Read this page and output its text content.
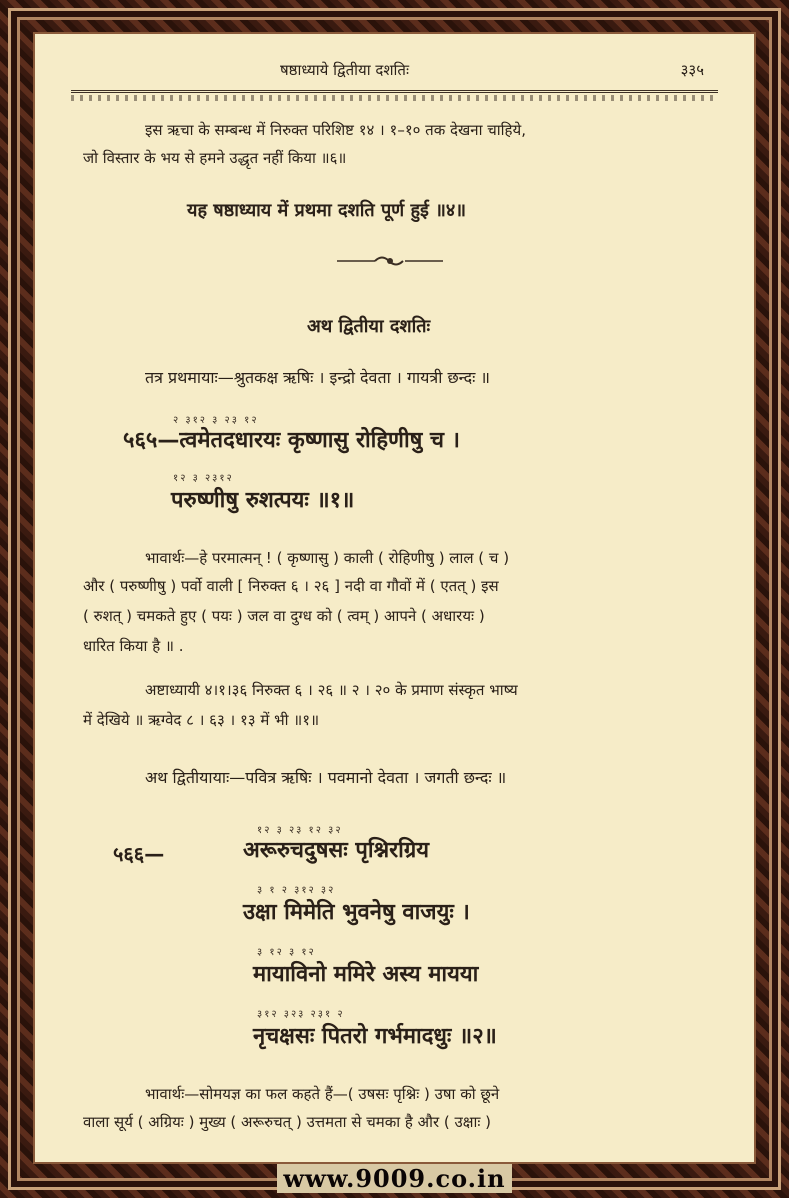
षष्ठाध्याये द्वितीया दशतिः	३३५
इस ऋचा के सम्बन्ध में निरुक्त परिशिष्ट १४ । १–१० तक देखना चाहिये,
जो विस्तार के भय से हमने उद्धृत नहीं किया ॥६॥
यह षष्ठाध्याय में प्रथमा दशति पूर्ण हुई ॥४॥
अथ द्वितीया दशतिः
तत्र प्रथमायाः—श्रुतकक्ष ऋषिः । इन्द्रो देवता । गायत्री छन्दः ॥
२ ३१२ ३ २३ १२
५६५—त्वमेतदधारयः कृष्णासु रोहिणीषु च ।
१२ ३ २३१२
परुष्णीषु रुशत्पयः ॥१॥
भावार्थः—हे परमात्मन् ! ( कृष्णासु ) काली ( रोहिणीषु ) लाल ( च )
और ( परुष्णीषु ) पर्वो वाली [ निरुक्त ६ । २६ ] नदी वा गौवों में ( एतत् ) इस
( रुशत् ) चमकते हुए ( पयः ) जल वा दुग्ध को ( त्वम् ) आपने ( अधारयः )
धारित किया है ॥ .
अष्टाध्यायी ४।१।३६ निरुक्त ६ । २६ ॥ २ । २० के प्रमाण संस्कृत भाष्य
में देखिये ॥ ऋग्वेद ८ । ६३ । १३ में भी ॥१॥
अथ द्वितीयायाः—पवित्र ऋषिः । पवमानो देवता । जगती छन्दः ॥
५६६—
१२ ३ २३ १२ ३२
अरूरुचदुषसः पृश्निरग्रिय
३ १ २ ३१२ ३२
उक्षा मिमेति भुवनेषु वाजयुः ।
३ १२ ३ १२
मायाविनो ममिरे अस्य मायया
३१२ ३२३ २३१ २
नृचक्षसः पितरो गर्भमादधुः ॥२॥
भावार्थः—सोमयज्ञ का फल कहते हैं—( उषसः पृश्निः ) उषा को छूने
वाला सूर्य ( अग्रियः ) मुख्य ( अरूरुचत् ) उत्तमता से चमका है और ( उक्षाः )
www.9009.co.in
